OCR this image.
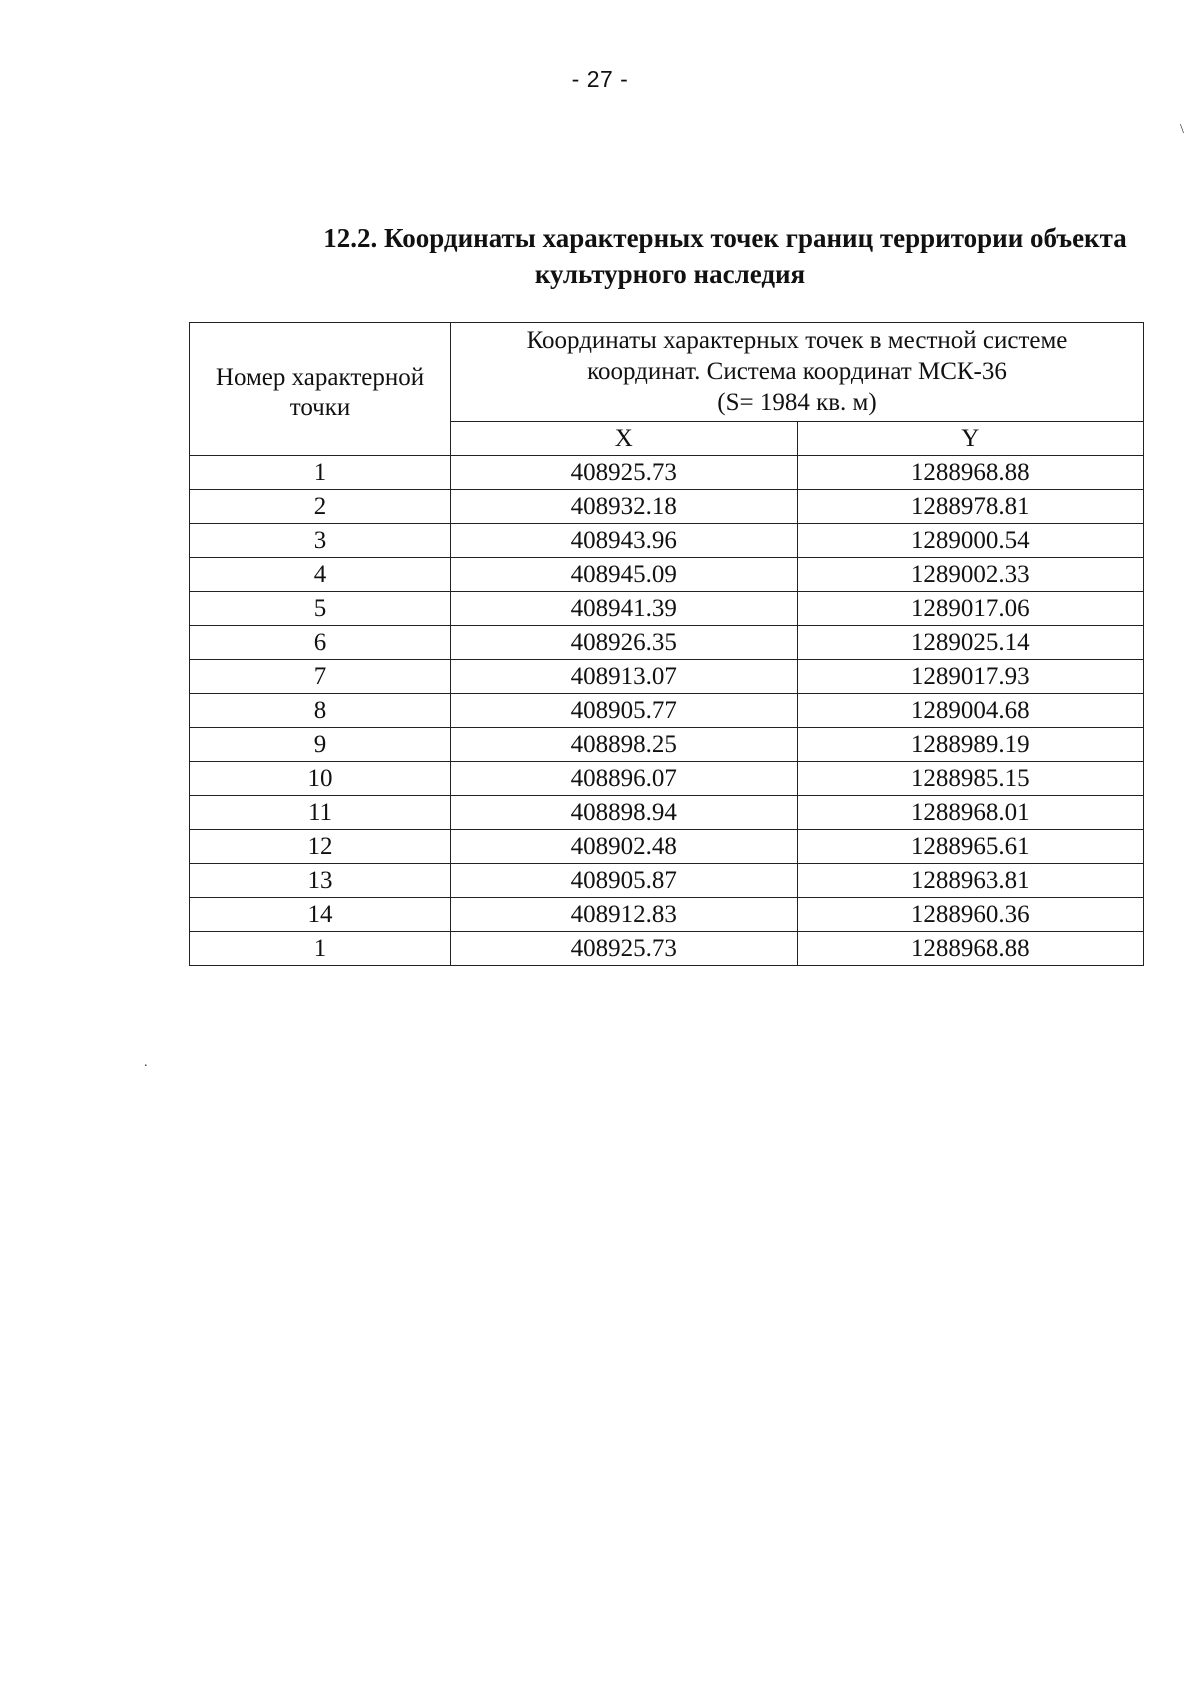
- 27 -
12.2. Координаты характерных точек границ территории объекта
культурного наследия
Номер характерной
точки	Координаты характерных точек в местной системе
координат. Система координат МСК-36
(S= 1984 кв. м)	
	X	Y
1	408925.73	1288968.88
2	408932.18	1288978.81
3	408943.96	1289000.54
4	408945.09	1289002.33
5	408941.39	1289017.06
6	408926.35	1289025.14
7	408913.07	1289017.93
8	408905.77	1289004.68
9	408898.25	1288989.19
10	408896.07	1288985.15
11	408898.94	1288968.01
12	408902.48	1288965.61
13	408905.87	1288963.81
14	408912.83	1288960.36
1	408925.73	1288968.88
\
.
